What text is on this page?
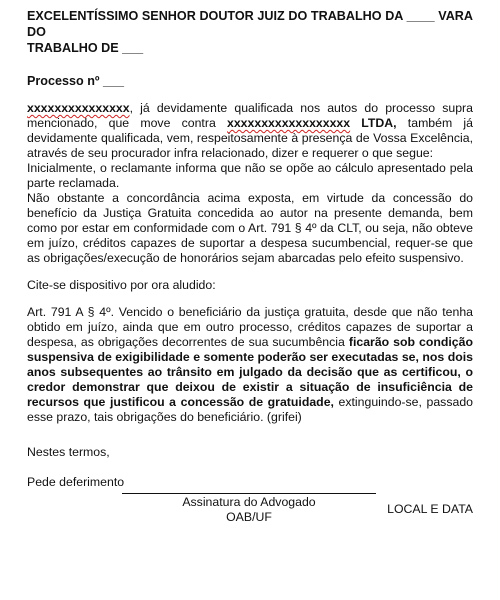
EXCELENTÍSSIMO SENHOR DOUTOR JUIZ DO TRABALHO DA ____ VARA DO
TRABALHO DE ___

Processo nº ___

xxxxxxxxxxxxxxx, já devidamente qualificada nos autos do processo supra mencionado, que move contra xxxxxxxxxxxxxxxxxx LTDA, também já devidamente qualificada, vem, respeitosamente à presença de Vossa Excelência, através de seu procurador infra relacionado, dizer e requerer o que segue:

Inicialmente, o reclamante informa que não se opõe ao cálculo apresentado pela parte reclamada.

Não obstante a concordância acima exposta, em virtude da concessão do benefício da Justiça Gratuita concedida ao autor na presente demanda, bem como por estar em conformidade com o Art. 791 § 4º da CLT, ou seja, não obteve em juízo, créditos capazes de suportar a despesa sucumbencial, requer-se que as obrigações/execução de honorários sejam abarcadas pelo efeito suspensivo.

Cite-se dispositivo por ora aludido:

Art. 791 A § 4º. Vencido o beneficiário da justiça gratuita, desde que não tenha obtido em juízo, ainda que em outro processo, créditos capazes de suportar a despesa, as obrigações decorrentes de sua sucumbência ficarão sob condição suspensiva de exigibilidade e somente poderão ser executadas se, nos dois anos subsequentes ao trânsito em julgado da decisão que as certificou, o credor demonstrar que deixou de existir a situação de insuficiência de recursos que justificou a concessão de gratuidade, extinguindo-se, passado esse prazo, tais obrigações do beneficiário. (grifei)

Nestes termos,

Pede deferimento

LOCAL E DATA

Assinatura do Advogado
OAB/UF
